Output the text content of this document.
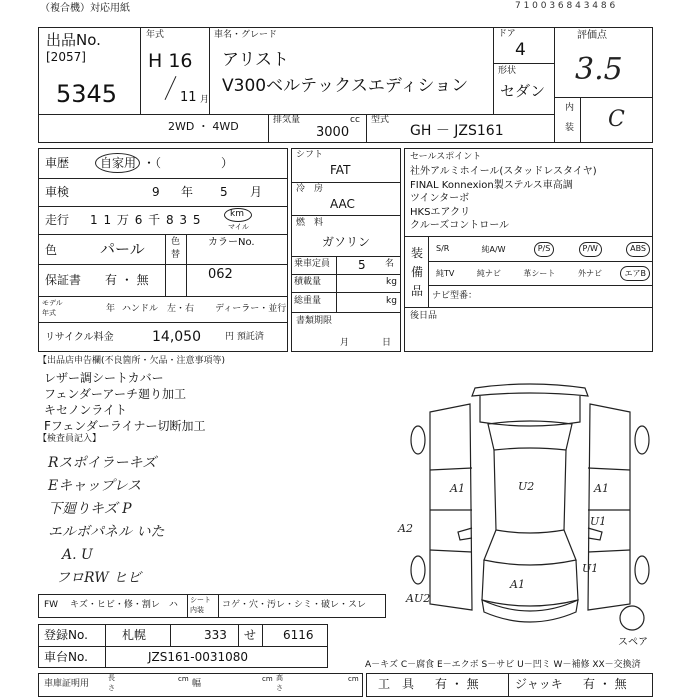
（複合機）対応用紙	7 1 0 0 3 6 8 4 3 4 8 6
出品No.
[2057]
5345
年式
H 16
11 月
車名・グレード
アリスト
V300ベルテックスエディション
ドア
4
形状
セダン
評価点
3.5
内
装 C
2WD ・ 4WD	排気量	cc
3000
型式
GH － JZS161
車歴	自家用 ・（　　　　　）
車検	9 年 5 月
走行 1 1 万 6 千 8 3 5	km
マイル
色	パール	色
替
カラーNo.
062
保証書 有 ・ 無
モデル
年式	年 ハンドル　左・右 ディーラー・並行
リサイクル料金	14,050	円 預託済
シフト
FAT
冷　房
AAC
燃　料
ガソリン
乗車定員 5 名
積載量	kg
総重量	kg
書類期限
月	日
セールスポイント
社外アルミホイール(スタッドレスタイヤ)
FINAL Konnexion製ステルス車高調
ツインターボ
HKSエアクリ
クルーズコントロール
装
備
品
S/R	純A/W	P/S	P/W	ABS
純TV	純ナビ	革シート	外ナビ	エアB
ナビ型番：
後日品
【出品店申告欄(不良箇所・欠品・注意事項等)
レザー調シートカバー
フェンダーアーチ廻り加工
キセノンライト
Fフェンダーライナー切断加工
【検査員記入】
Rスポイラーキズ
Eキャップレス
下廻りキズ P
エルボパネル いた
A. U
フロRW ヒビ
FW キズ・ヒビ・修・割レ　ハ シート
内装 コゲ・穴・汚レ・シミ・破レ・スレ
登録No.	札幌	333 せ 6116
車台No.	JZS161-0031080
車庫証明用
長
さ
cm 幅	cm 高
さ
cm
A－キズ C－腐食 E－エクボ S－サビ U－凹ミ W－補修 XX－交換済
工　具 有 ・ 無	ジャッキ 有 ・ 無
A1	U2	A1
U1
U1
A2
AU2
A1
スペア
